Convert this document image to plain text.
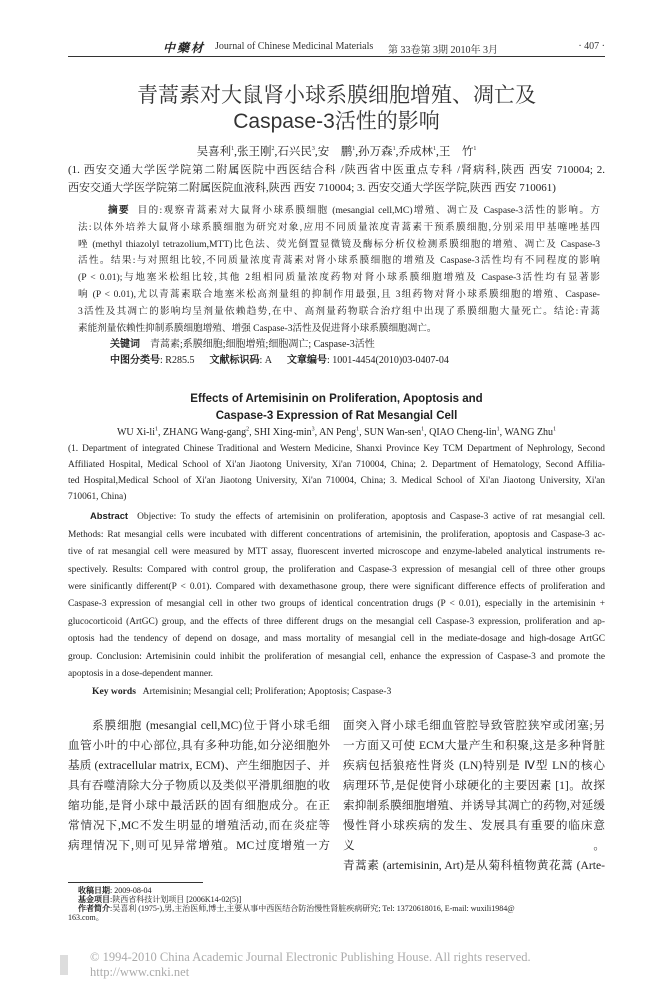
中藥材 Journal of Chinese Medicinal Materials 第 33卷第 3期 2010年 3月	· 407 ·
青蒿素对大鼠肾小球系膜细胞增殖、凋亡及
Caspase-3活性的影响
吴喜利$^1$,张王刚$^2$,石兴民$^3$,安　鹏$^1$,孙万森$^1$,乔成林$^1$,王　竹$^1$
(1. 西安交通大学医学院第二附属医院中西医结合科 /陕西省中医重点专科 /肾病科,陕西 西安 710004; 2.
西安交通大学医学院第二附属医院血液科,陕西 西安 710004; 3. 西安交通大学医学院,陕西 西安 710061)
摘要 目的:观察青蒿素对大鼠肾小球系膜细胞 (mesangial cell,MC)增殖、凋亡及 Caspase-3活性的影响。方
法:以体外培养大鼠肾小球系膜细胞为研究对象,应用不同质量浓度青蒿素干预系膜细胞,分别采用甲基噻唑基四
唑 (methyl thiazolyl tetrazolium,MTT)比色法、荧光倒置显微镜及酶标分析仪检测系膜细胞的增殖、凋亡及 Caspase-3
活性。结果:与对照组比较,不同质量浓度青蒿素对肾小球系膜细胞的增殖及 Caspase-3活性均有不同程度的影响
(P < 0.01);与地塞米松组比较,其他 2组相同质量浓度药物对肾小球系膜细胞增殖及 Caspase-3活性均有显著影
响 (P < 0.01),尤以青蒿素联合地塞米松高剂量组的抑制作用最强,且 3组药物对肾小球系膜细胞的增殖、Caspase-
3活性及其凋亡的影响均呈剂量依赖趋势,在中、高剂量药物联合治疗组中出现了系膜细胞大量死亡。结论:青蒿
素能剂量依赖性抑制系膜细胞增殖、增强 Caspase-3活性及促进肾小球系膜细胞凋亡。
关键词 青蒿素;系膜细胞;细胞增殖;细胞凋亡; Caspase-3活性
中图分类号: R285.5 文献标识码: A 文章编号: 1001-4454(2010)03-0407-04
Effects of Artemisinin on Proliferation, Apoptosis and
Caspase-3 Expression of Rat Mesangial Cell
WU $Xi-li^1$, ZHANG Wang-gang$^2$, SHI Xing-$\min^3$, AN Peng$^1$, SUN Wan-sen$^1$, QIAO Cheng-lin$^1$, WANG Zhu$^1$
(1. Department of integrated Chinese Traditional and Western Medicine, Shanxi Province Key TCM Department of Nephrology, Second
Affiliated Hospital, Medical School of Xi'an Jiaotong University, Xi'an 710004, China; 2. Department of Hematology, Second Affilia-
ted Hospital,Medical School of Xi'an Jiaotong University, Xi'an 710004, China; 3. Medical School of Xi'an Jiaotong University, Xi'an
710061, China)
Abstract Objective: To study the effects of artemisinin on proliferation, apoptosis and Caspase-3 active of rat mesangial cell.
Methods: Rat mesangial cells were incubated with different concentrations of artemisinin, the proliferation, apoptosis and Caspase-3 ac-
tive of rat mesangial cell were measured by MTT assay, fluorescent inverted microscope and enzyme-labeled analytical instruments re-
spectively. Results: Compared with control group, the proliferation and Caspase-3 expression of mesangial cell of three other groups
were sinificantly different(P < 0.01). Compared with dexamethasone group, there were significant difference effects of proliferation and
Caspase-3 expression of mesangial cell in other two groups of identical concentration drugs (P < 0.01), especially in the artemisinin +
glucocorticoid (ArtGC) group, and the effects of three different drugs on the mesangial cell Caspase-3 expression, proliferation and ap-
optosis had the tendency of depend on dosage, and mass mortality of mesangial cell in the mediate-dosage and high-dosage ArtGC
group. Conclusion: Artemisinin could inhibit the proliferation of mesangial cell, enhance the expression of Caspase-3 and promote the
apoptosis in a dose-dependent manner.
Key words Artemisinin; Mesangial cell; Proliferation; Apoptosis; Caspase-3
系膜细胞 (mesangial cell,MC)位于肾小球毛细
血管小叶的中心部位,具有多种功能,如分泌细胞外
基质 (extracellular matrix, ECM)、产生细胞因子、并
具有吞噬清除大分子物质以及类似平滑肌细胞的收
缩功能,是肾小球中最活跃的固有细胞成分。在正
常情况下,MC不发生明显的增殖活动,而在炎症等
病理情况下,则可见异常增殖。MC过度增殖一方
面突入肾小球毛细血管腔导致管腔狭窄或闭塞;另
一方面又可使 ECM大量产生和积聚,这是多种肾脏
疾病包括狼疮性肾炎 (LN)特别是 Ⅳ型 LN的核心
病理环节,是促使肾小球硬化的主要因素 [1]。故探
索抑制系膜细胞增殖、并诱导其凋亡的药物,对延缓
慢性肾小球疾病的发生、发展具有重要的临床意义。
青蒿素 (artemisinin, Art)是从菊科植物黄花蒿 (Arte-
收稿日期: 2009-08-04
基金项目:陕西省科技计划项目 [2006K14-02(5)]
作者简介:吴喜利 (1975-),男,主治医师,博士,主要从事中西医结合防治慢性肾脏疾病研究; Tel: 13720618016, E-mail: wuxili1984@
163.com。
© 1994-2010 China Academic Journal Electronic Publishing House. All rights reserved. http://www.cnki.net
